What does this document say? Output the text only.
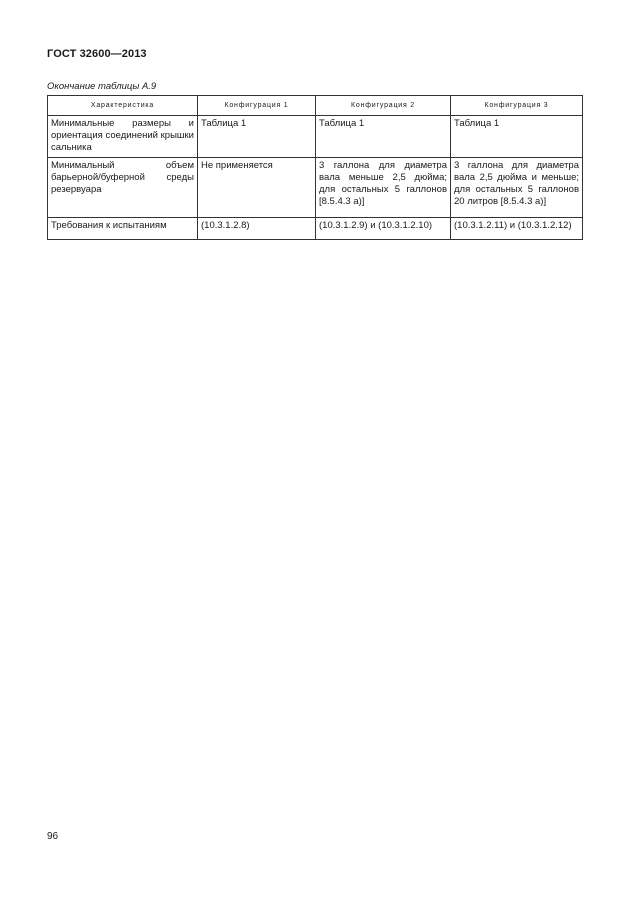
ГОСТ 32600—2013
Окончание таблицы А.9
Характеристика	Конфигурация 1	Конфигурация 2	Конфигурация 3
Минимальные размеры и ориентация соединений крышки сальника	Таблица 1	Таблица 1	Таблица 1
Минимальный объем барьерной/буферной среды резервуара	Не применяется	3 галлона для диаметра вала меньше 2,5 дюйма; для остальных 5 галлонов [8.5.4.3 а)]	3 галлона для диаметра вала 2,5 дюйма и меньше; для остальных 5 галлонов 20 литров [8.5.4.3 а)]
Требования к испытаниям	(10.3.1.2.8)	(10.3.1.2.9) и (10.3.1.2.10)	(10.3.1.2.11) и (10.3.1.2.12)
96
